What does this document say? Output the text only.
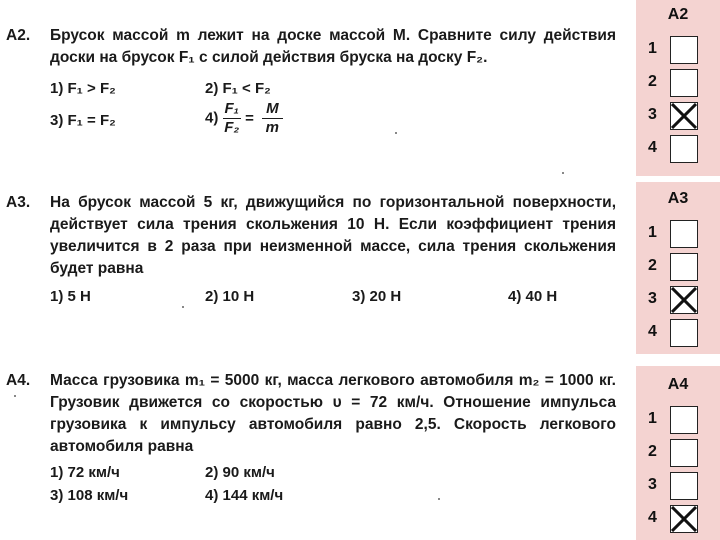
A2. Брусок массой m лежит на доске массой M. Сравните силу действия доски на брусок F₁ с силой действия бруска на доску F₂.
1) F₁ > F₂	2) F₁ < F₂
3) F₁ = F₂	$4) \frac{\text{F₁}}{\text{F₂}} = \frac{M}{m}$
A3. На брусок массой 5 кг, движущийся по горизонтальной поверхности, действует сила трения скольжения 10 Н. Если коэффициент трения увеличится в 2 раза при неизменной массе, сила трения скольжения будет равна
1) 5 Н	2) 10 Н	3) 20 Н	4) 40 Н
A4. Масса грузовика m₁ = 5000 кг, масса легкового автомобиля m₂ = 1000 кг. Грузовик движется со скоростью υ = 72 км/ч. Отношение импульса грузовика к импульсу автомобиля равно 2,5. Скорость легкового автомобиля равна
1) 72 км/ч	2) 90 км/ч
3) 108 км/ч	4) 144 км/ч
А2
1
2
3
4
А3
1
2
3
4
А4
1
2
3
4
